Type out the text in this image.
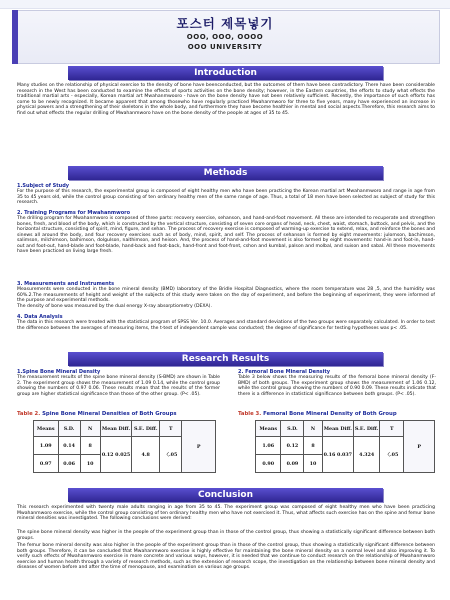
포스터 제목넣기
OOO, OOO, OOOO
OOO UNIVERSITY
Introduction
Many studies on the relationship of physical exercise to the density of bone have beenconducted, but the outcomes of them have been contradictory. There have been considerable research in the West has been conducted to examine the effects of sports activities on the bone density; however, in the Eastern countries, the efforts to study what effects the traditional martial arts - especially, Korean martial art Mwahanmwooro - have on the bone density have not been relatively sufficient. Recently, the importance of such efforts has come to be newly recognized. It became apparent that among thosewho have regularly practiced Mwahanmworo for three to five years, many have experienced an increase in physical powers and a strengthening of their skeletons in the whole body, and furthermore they have become healthier in mental and social aspects.Therefore, this research aims to find out what effects the regular drilling of Mwahanmworo have on the bone density of the people at ages of 35 to 45.
Methods
1.Subject of Study
For the purpose of this research, the experimental group is composed of eight healthy men who have been practicing the Korean martial art Mwahanmworo and range in age from 35 to 45 years old, while the control group consisting of ten ordinary healthy men of the same range of age. Thus, a total of 18 men have been selected as subject of study for this research.
2. Training Programs for Mwahanmworo
The drilling program for Mwahanmworo is composed of three parts: recovery exercise, sehanson, and hand-and-foot movement. All these are intended to recuperate and strengthen bones, fresh, and blood of the body, which is constructed by the vertical structure, consisting of seven core organs of head, neck, chest, waist, stomach, buttock, and pelvis, and the horizontal structure, consisting of spirit, mind, figure, and sehan. The process of recovery exercise is composed of warming-up exercise to extend, relax, and reinforce the bones and sinews all around the body, and four recovery exercises such as of body, mind, spirit, and self. The process of sehanson is formed by eight movements: julomson, bachimson, salimson, milchimson, balhimson, dolgulson, naithimson, and heison. And, the process of hand-and-foot movement is also formed by eight movements: hand-in and foot-in, hand-out and foot-out, hand-blade and foot-blade, hand-back and foot-back, hand-front and foot-front, cshon and kumbal, palson and molbal, and suison and sabal. All these movements have been practiced on living large fresh.
3. Measurements and Instruments
Measurements were conducted in the bone mineral density (BMD) laboratory of the Bridle Hospital Diagnostics, where the room temperature was 28 ,5, and the humidity was 60%.2.The measurements of height and weight of the subjects of this study were taken on the day of experiment, and before the beginning of experiment, they were informed of the purpose and experimental methods.
The density of bone was measured by the dual energy X-ray absorptiometry (DEXA).
4. Data Analysis
The data in this research were treated with the statistical program of SPSS Ver. 10.0. Averages and standard deviations of the two groups were separately calculated. In order to test the difference between the averages of measuring items, the t-test of independent sample was conducted; the degree of significance for testing hypotheses was p< .05.
Research Results
1.Spine Bone Mineral Density
The measurement results of the spine bone mineral density (S-BMD) are shown in Table 2. The experiment group shows the measurement of 1.09 0.14, while the control group showing the numbers of 0.97 0.06. These results mean that the results of the former group are higher statistical significance than those of the other group. (P< .05).
2. Femoral Bone Mineral Density
Table 3 below shows the measuring results of the femoral bone mineral density (F-BMD) of both groups. The experiment group shows the measurement of 1.06 0.12, while the control group showing the numbers of 0.90 0.09. These results indicate that there is a difference in statistical significance between both groups. (P< .05).
Table 2. Spine Bone Mineral Densities of Both Groups
Means	S.D.	N	Mean Diff.	S.E. Diff.	T	P
1.09	0.14	8	0.12 0.025	4.8	〈.05	
0.97	0.06	10				
Table 3. Femoral Bone Mineral Density of Both Group
Means	S.D.	N	Mean Diff.	S.E. Diff.	T	P
1.06	0.12	8	0.16 0.037	4.324	〈.05	
0.90	0.09	10				
Conclusion
This research experimented with twenty male adults ranging in age from 35 to 45. The experiment group was composed of eight healthy men who have been practicing Mwahanmworo exercise, while the control group consisting of ten ordinary healthy men who have not exercised it. Thus, what affects such exercise has on the spine and femur bone mineral densities was investigated. The following conclusions were derived:
The spine bone mineral density was higher in the people of the experiment group than in those of the control group, thus showing a statistically significant difference between both groups.
The femur bone mineral density was also higher in the people of the experiment group than in those of the control group, thus showing a statistically significant difference between both groups. Therefore, it can be concluded that Mwahanmworo exercise is highly effective for maintaining the bone mineral density on a normal level and also improving it. To verify such effects of Mwahanmworo exercise in more concrete and various ways, however, it is needed that we continue to conduct research on the relationship of Mwahanmworo exercise and human health through a variety of research methods, such as the extension of research scope, the investigation on the relationship between bone mineral density and diseases of women before and after the time of menopause, and examination on various age groups.
